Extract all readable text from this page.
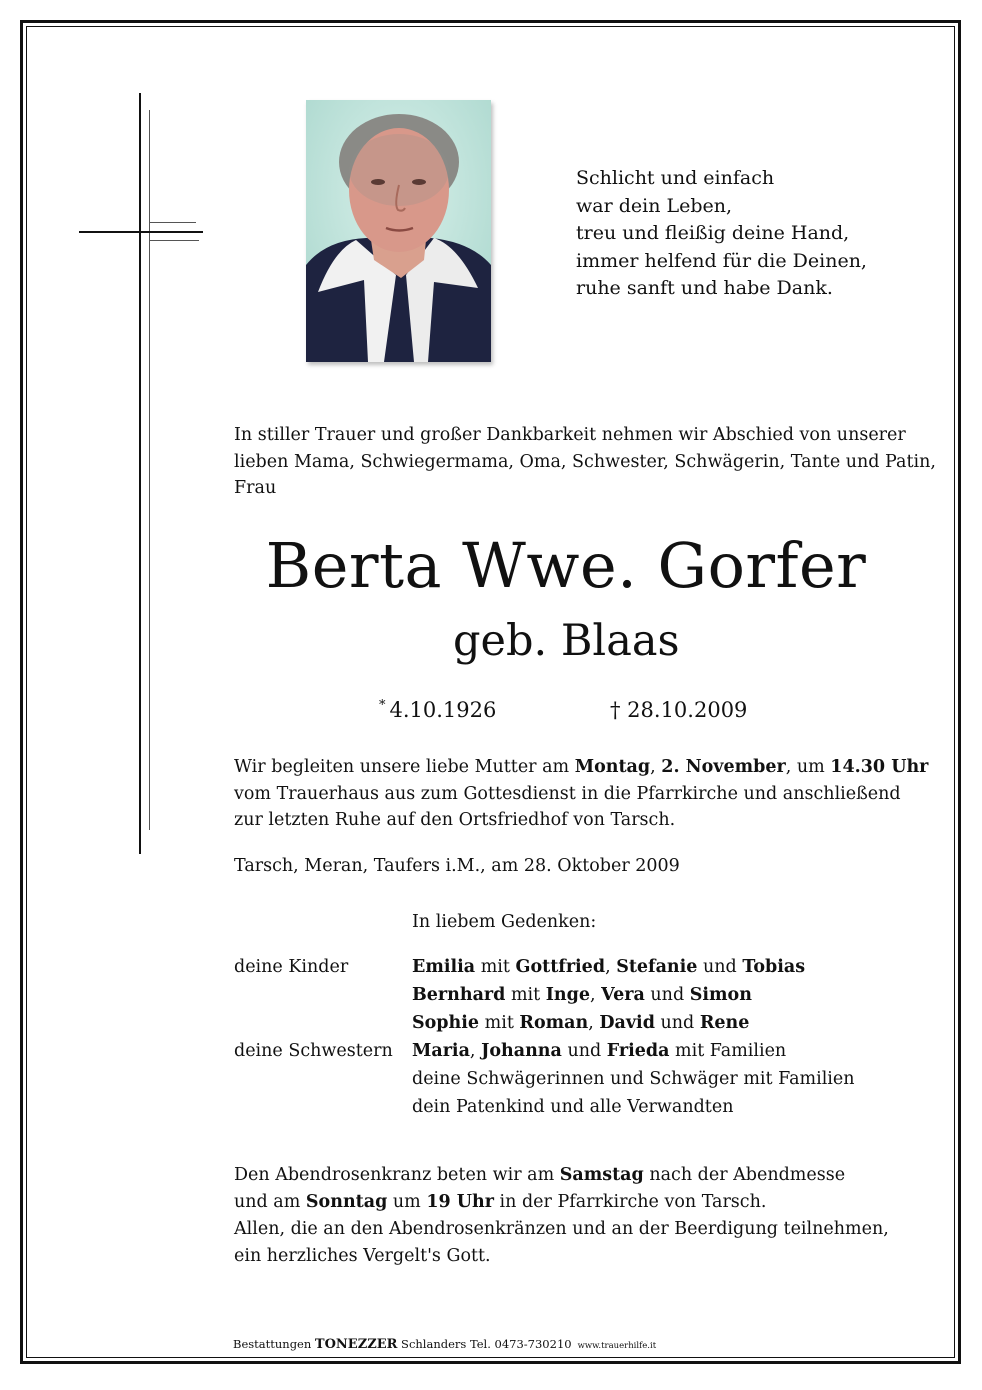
Schlicht und einfach
war dein Leben,
treu und fleißig deine Hand,
immer helfend für die Deinen,
ruhe sanft und habe Dank.
In stiller Trauer und großer Dankbarkeit nehmen wir Abschied von unserer
lieben Mama, Schwiegermama, Oma, Schwester, Schwägerin, Tante und Patin,
Frau
Berta Wwe. Gorfer
geb. Blaas
* 4.10.1926	† 28.10.2009
Wir begleiten unsere liebe Mutter am Montag, 2. November, um 14.30 Uhr
vom Trauerhaus aus zum Gottesdienst in die Pfarrkirche und anschließend
zur letzten Ruhe auf den Ortsfriedhof von Tarsch.
Tarsch, Meran, Taufers i.M., am 28. Oktober 2009
In liebem Gedenken:
deine Kinder
deine Schwestern
Emilia mit Gottfried, Stefanie und Tobias
Bernhard mit Inge, Vera und Simon
Sophie mit Roman, David und Rene
Maria, Johanna und Frieda mit Familien
deine Schwägerinnen und Schwäger mit Familien
dein Patenkind und alle Verwandten
Den Abendrosenkranz beten wir am Samstag nach der Abendmesse
und am Sonntag um 19 Uhr in der Pfarrkirche von Tarsch.
Allen, die an den Abendrosenkränzen und an der Beerdigung teilnehmen,
ein herzliches Vergelt's Gott.
Bestattungen TONEZZER Schlanders Tel. 0473-730210 www.trauerhilfe.it
